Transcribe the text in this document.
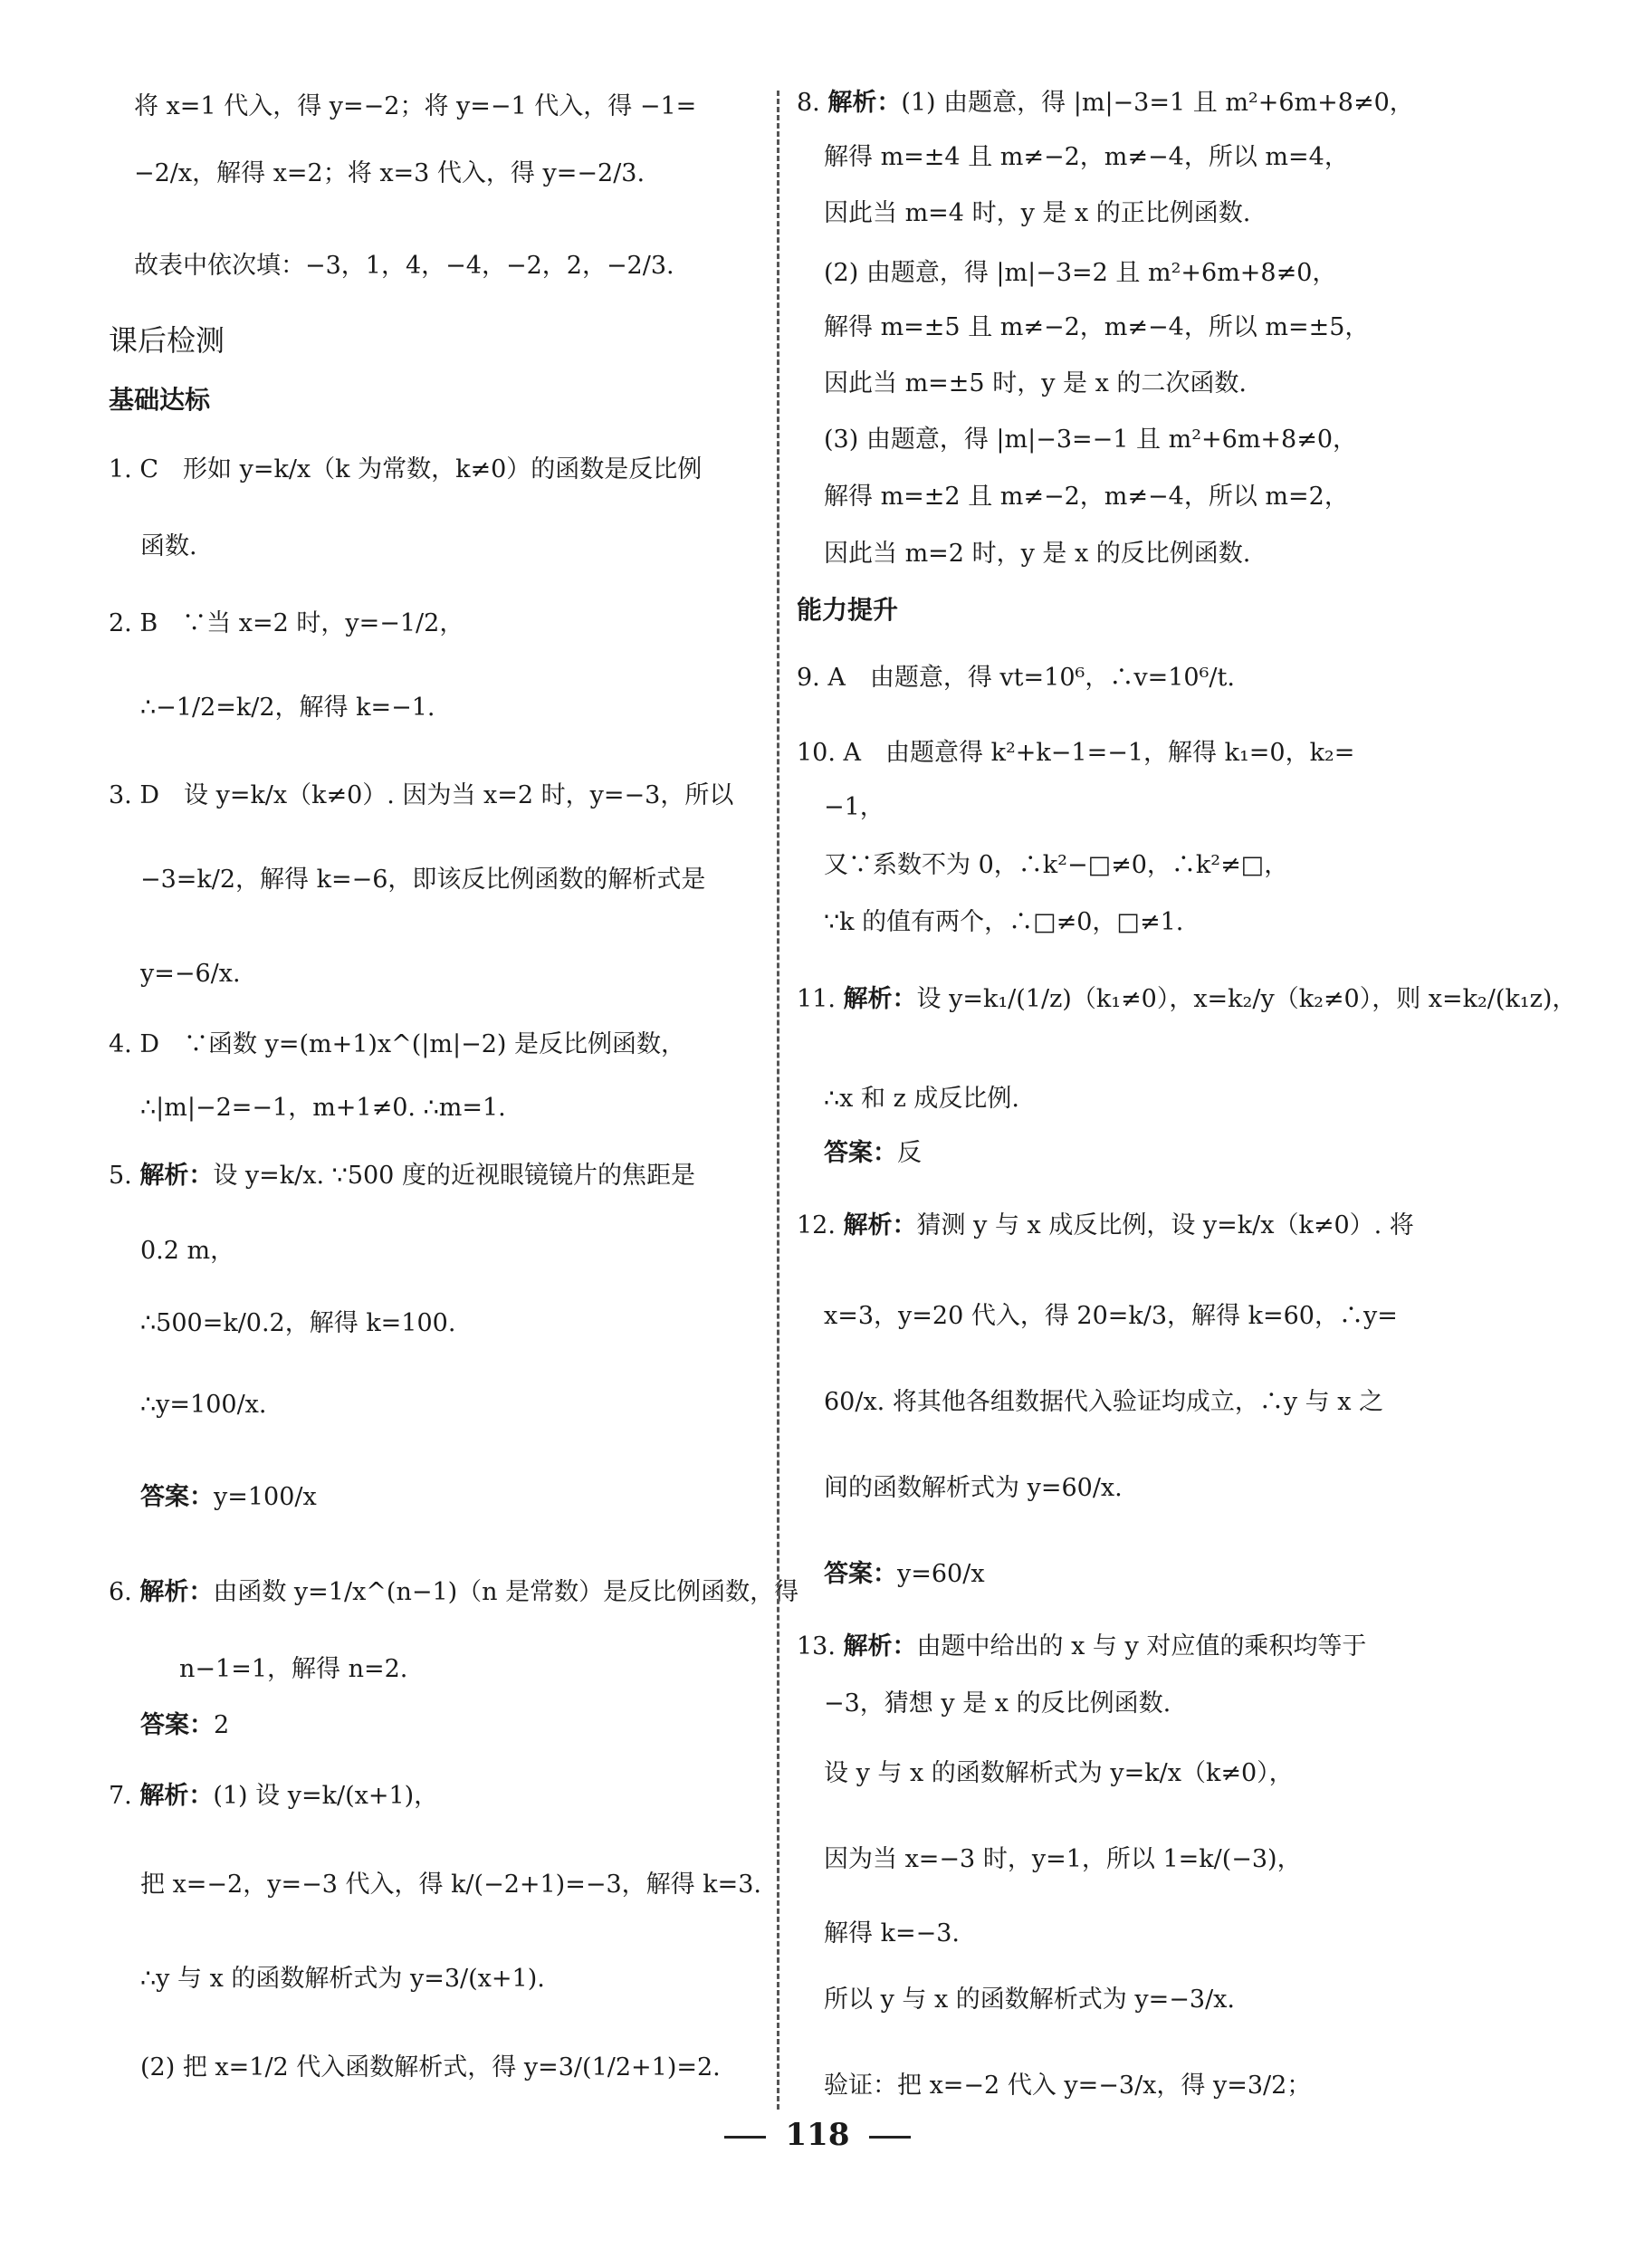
将 x=1 代入，得 y=−2；将 y=−1 代入，得 −1=
−2/x，解得 x=2；将 x=3 代入，得 y=−2/3.
故表中依次填：−3，1，4，−4，−2，2，−2/3.
课后检测
基础达标
1. C　形如 y=k/x（k 为常数，k≠0）的函数是反比例
函数.
2. B　∵当 x=2 时，y=−1/2，
∴−1/2=k/2，解得 k=−1.
3. D　设 y=k/x（k≠0）. 因为当 x=2 时，y=−3，所以
−3=k/2，解得 k=−6，即该反比例函数的解析式是
y=−6/x.
4. D　∵函数 y=(m+1)x^(|m|−2) 是反比例函数，
∴|m|−2=−1，m+1≠0. ∴m=1.
5. 解析：设 y=k/x. ∵500 度的近视眼镜镜片的焦距是
0.2 m，
∴500=k/0.2，解得 k=100.
∴y=100/x.
答案：y=100/x
6. 解析：由函数 y=1/x^(n−1)（n 是常数）是反比例函数，得
n−1=1，解得 n=2.
答案：2
7. 解析：(1) 设 y=k/(x+1)，
把 x=−2，y=−3 代入，得 k/(−2+1)=−3，解得 k=3.
∴y 与 x 的函数解析式为 y=3/(x+1).
(2) 把 x=1/2 代入函数解析式，得 y=3/(1/2+1)=2.
8. 解析：(1) 由题意，得 |m|−3=1 且 m²+6m+8≠0，
解得 m=±4 且 m≠−2，m≠−4，所以 m=4，
因此当 m=4 时，y 是 x 的正比例函数.
(2) 由题意，得 |m|−3=2 且 m²+6m+8≠0，
解得 m=±5 且 m≠−2，m≠−4，所以 m=±5，
因此当 m=±5 时，y 是 x 的二次函数.
(3) 由题意，得 |m|−3=−1 且 m²+6m+8≠0，
解得 m=±2 且 m≠−2，m≠−4，所以 m=2，
因此当 m=2 时，y 是 x 的反比例函数.
能力提升
9. A　由题意，得 vt=10⁶，∴v=10⁶/t.
10. A　由题意得 k²+k−1=−1，解得 k₁=0，k₂=
−1，
又∵系数不为 0，∴k²−□≠0，∴k²≠□，
∵k 的值有两个，∴□≠0，□≠1.
11. 解析：设 y=k₁/(1/z)（k₁≠0），x=k₂/y（k₂≠0），则 x=k₂/(k₁z)，
∴x 和 z 成反比例.
答案：反
12. 解析：猜测 y 与 x 成反比例，设 y=k/x（k≠0）. 将
x=3，y=20 代入，得 20=k/3，解得 k=60，∴y=
60/x. 将其他各组数据代入验证均成立，∴y 与 x 之
间的函数解析式为 y=60/x.
答案：y=60/x
13. 解析：由题中给出的 x 与 y 对应值的乘积均等于
−3，猜想 y 是 x 的反比例函数.
设 y 与 x 的函数解析式为 y=k/x（k≠0），
因为当 x=−3 时，y=1，所以 1=k/(−3)，
解得 k=−3.
所以 y 与 x 的函数解析式为 y=−3/x.
验证：把 x=−2 代入 y=−3/x，得 y=3/2；
118
